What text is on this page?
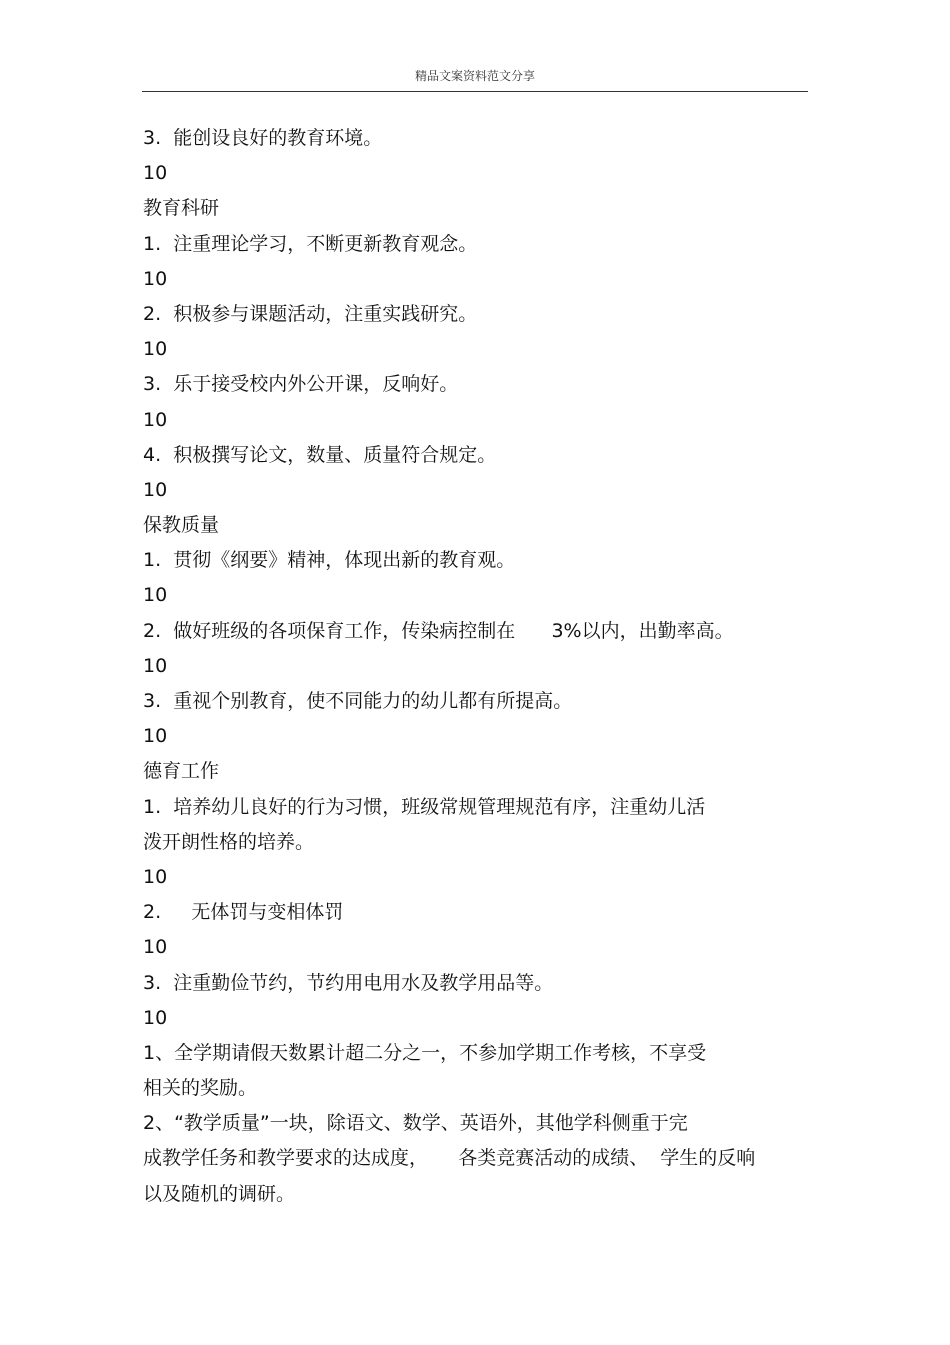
精品文案资料范文分享
3.  能创设良好的教育环境。
10
教育科研
1.  注重理论学习，不断更新教育观念。
10
2.  积极参与课题活动，注重实践研究。
10
3.  乐于接受校内外公开课，反响好。
10
4.  积极撰写论文，数量、质量符合规定。
10
保教质量
1.  贯彻《纲要》精神，体现出新的教育观。
10
2.  做好班级的各项保育工作，传染病控制在      3%以内，出勤率高。
10
3.  重视个别教育，使不同能力的幼儿都有所提高。
10
德育工作
1.  培养幼儿良好的行为习惯，班级常规管理规范有序，注重幼儿活
泼开朗性格的培养。
10
2.     无体罚与变相体罚
10
3.  注重勤俭节约，节约用电用水及教学用品等。
10
1、全学期请假天数累计超二分之一，不参加学期工作考核，不享受
相关的奖励。
2、“教学质量”一块，除语文、数学、英语外，其他学科侧重于完
成教学任务和教学要求的达成度，     各类竞赛活动的成绩、  学生的反响
以及随机的调研。
